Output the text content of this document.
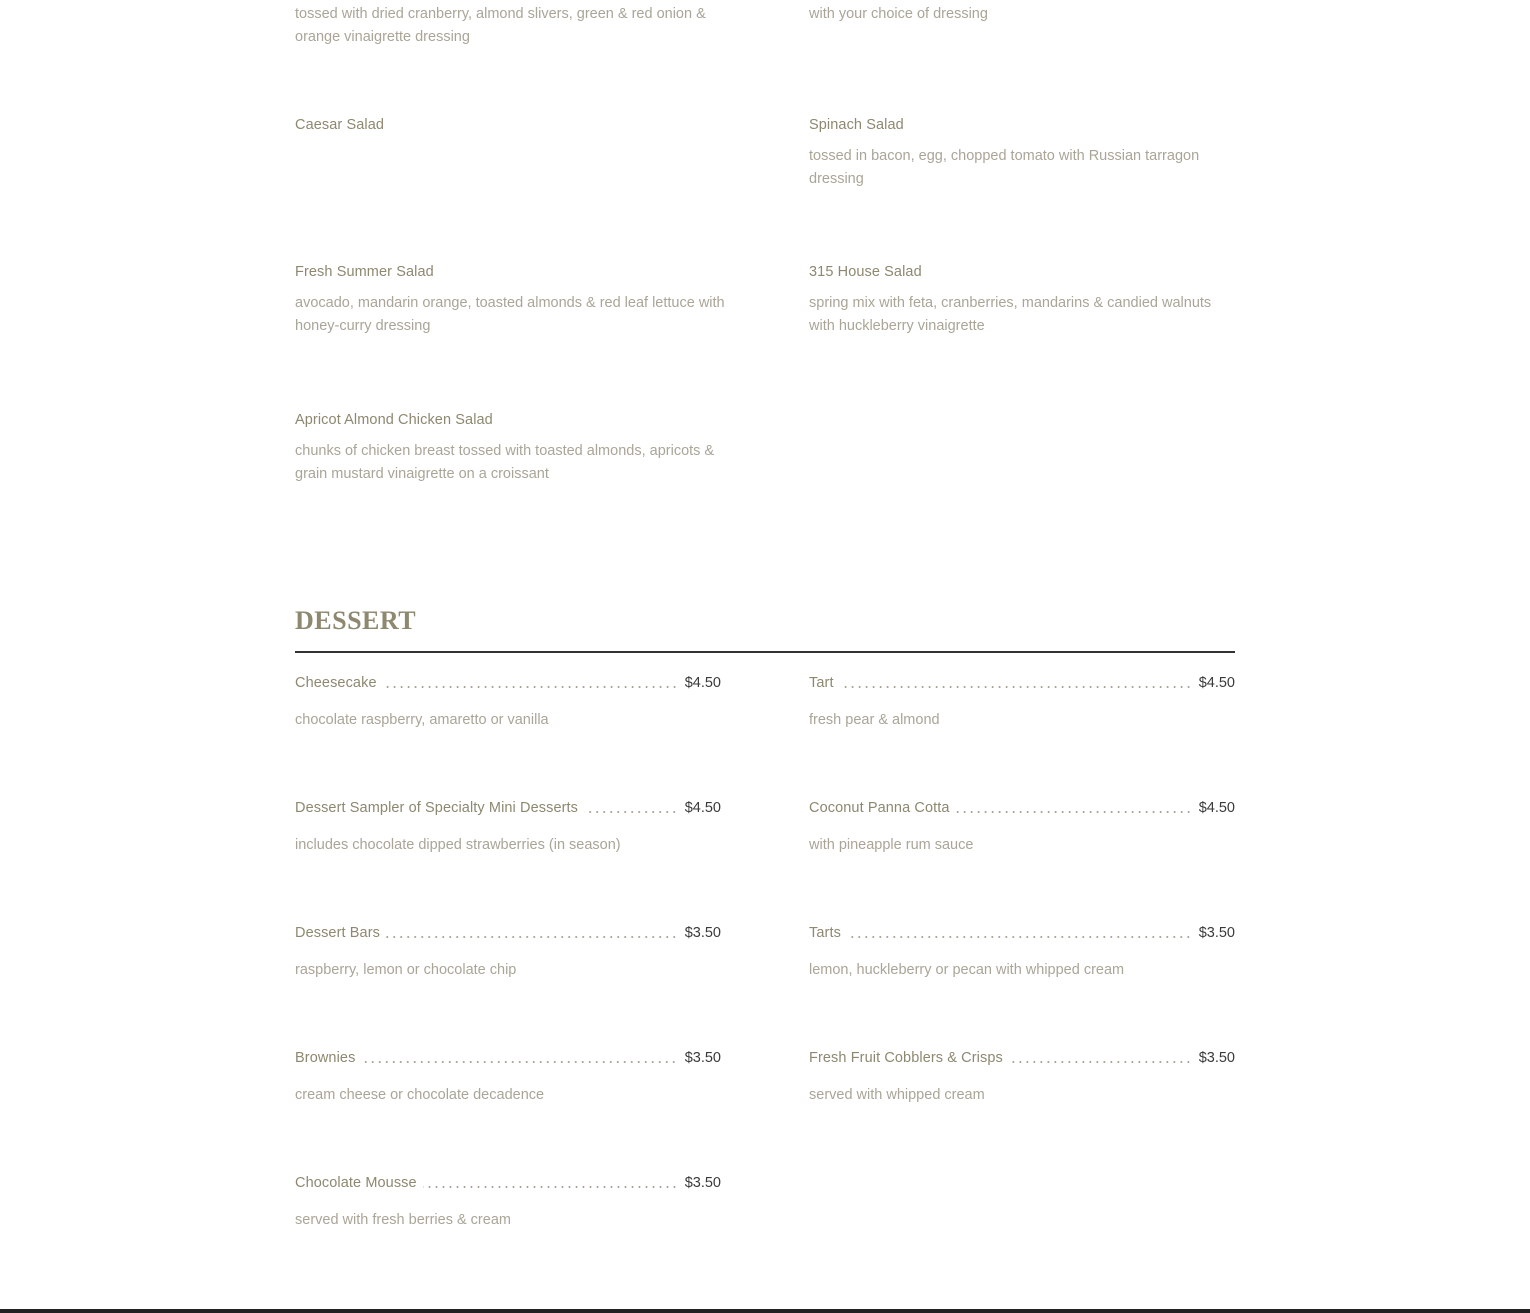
tossed with dried cranberry, almond slivers, green & red onion & orange vinaigrette dressing
with your choice of dressing
Caesar Salad	Spinach Salad
tossed in bacon, egg, chopped tomato with Russian tarragon dressing
Fresh Summer Salad
avocado, mandarin orange, toasted almonds & red leaf lettuce with honey-curry dressing
315 House Salad
spring mix with feta, cranberries, mandarins & candied walnuts with huckleberry vinaigrette
Apricot Almond Chicken Salad
chunks of chicken breast tossed with toasted almonds, apricots & grain mustard vinaigrette on a croissant
DESSERT
Cheesecake	$4.50
chocolate raspberry, amaretto or vanilla
Tart	$4.50
fresh pear & almond
Dessert Sampler of Specialty Mini Desserts	$4.50
includes chocolate dipped strawberries (in season)
Coconut Panna Cotta	$4.50
with pineapple rum sauce
Dessert Bars	$3.50
raspberry, lemon or chocolate chip
Tarts	$3.50
lemon, huckleberry or pecan with whipped cream
Brownies	$3.50
cream cheese or chocolate decadence
Fresh Fruit Cobblers & Crisps	$3.50
served with whipped cream
Chocolate Mousse	$3.50
served with fresh berries & cream
